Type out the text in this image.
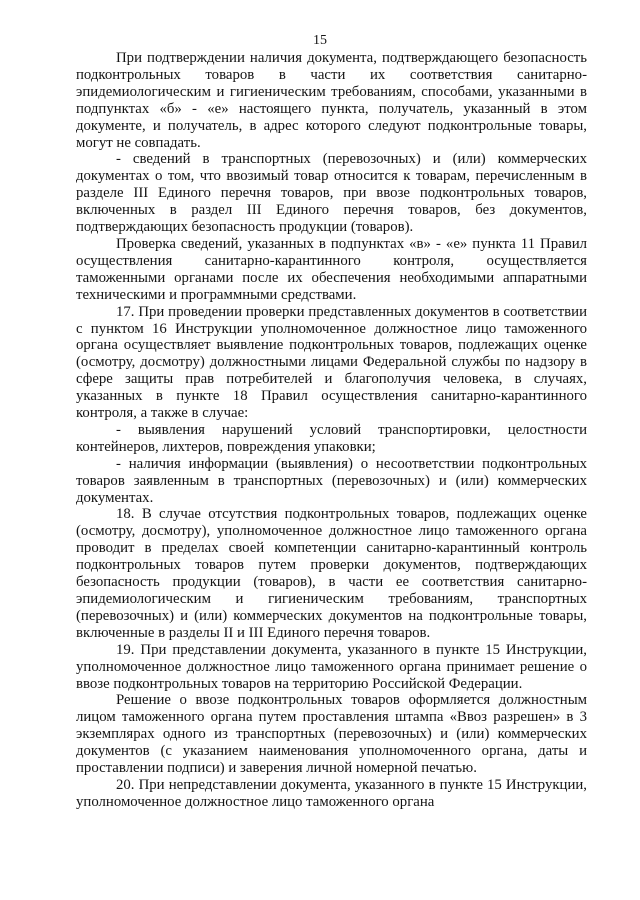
15

При подтверждении наличия документа, подтверждающего безопасность подконтрольных товаров в части их соответствия санитарно-эпидемиологическим и гигиеническим требованиям, способами, указанными в подпунктах «б» - «е» настоящего пункта, получатель, указанный в этом документе, и получатель, в адрес которого следуют подконтрольные товары, могут не совпадать.

- сведений в транспортных (перевозочных) и (или) коммерческих документах о том, что ввозимый товар относится к товарам, перечисленным в разделе III Единого перечня товаров, при ввозе подконтрольных товаров, включенных в раздел III Единого перечня товаров, без документов, подтверждающих безопасность продукции (товаров).

Проверка сведений, указанных в подпунктах «в» - «е» пункта 11 Правил осуществления санитарно-карантинного контроля, осуществляется таможенными органами после их обеспечения необходимыми аппаратными техническими и программными средствами.

17. При проведении проверки представленных документов в соответствии с пунктом 16 Инструкции уполномоченное должностное лицо таможенного органа осуществляет выявление подконтрольных товаров, подлежащих оценке (осмотру, досмотру) должностными лицами Федеральной службы по надзору в сфере защиты прав потребителей и благополучия человека, в случаях, указанных в пункте 18 Правил осуществления санитарно-карантинного контроля, а также в случае:

- выявления нарушений условий транспортировки, целостности контейнеров, лихтеров, повреждения упаковки;

- наличия информации (выявления) о несоответствии подконтрольных товаров заявленным в транспортных (перевозочных) и (или) коммерческих документах.

18. В случае отсутствия подконтрольных товаров, подлежащих оценке (осмотру, досмотру), уполномоченное должностное лицо таможенного органа проводит в пределах своей компетенции санитарно-карантинный контроль подконтрольных товаров путем проверки документов, подтверждающих безопасность продукции (товаров), в части ее соответствия санитарно-эпидемиологическим и гигиеническим требованиям, транспортных (перевозочных) и (или) коммерческих документов на подконтрольные товары, включенные в разделы II и III Единого перечня товаров.

19. При представлении документа, указанного в пункте 15 Инструкции, уполномоченное должностное лицо таможенного органа принимает решение о ввозе подконтрольных товаров на территорию Российской Федерации.

Решение о ввозе подконтрольных товаров оформляется должностным лицом таможенного органа путем проставления штампа «Ввоз разрешен» в 3 экземплярах одного из транспортных (перевозочных) и (или) коммерческих документов (с указанием наименования уполномоченного органа, даты и проставлении подписи) и заверения личной номерной печатью.

20. При непредставлении документа, указанного в пункте 15 Инструкции, уполномоченное должностное лицо таможенного органа
